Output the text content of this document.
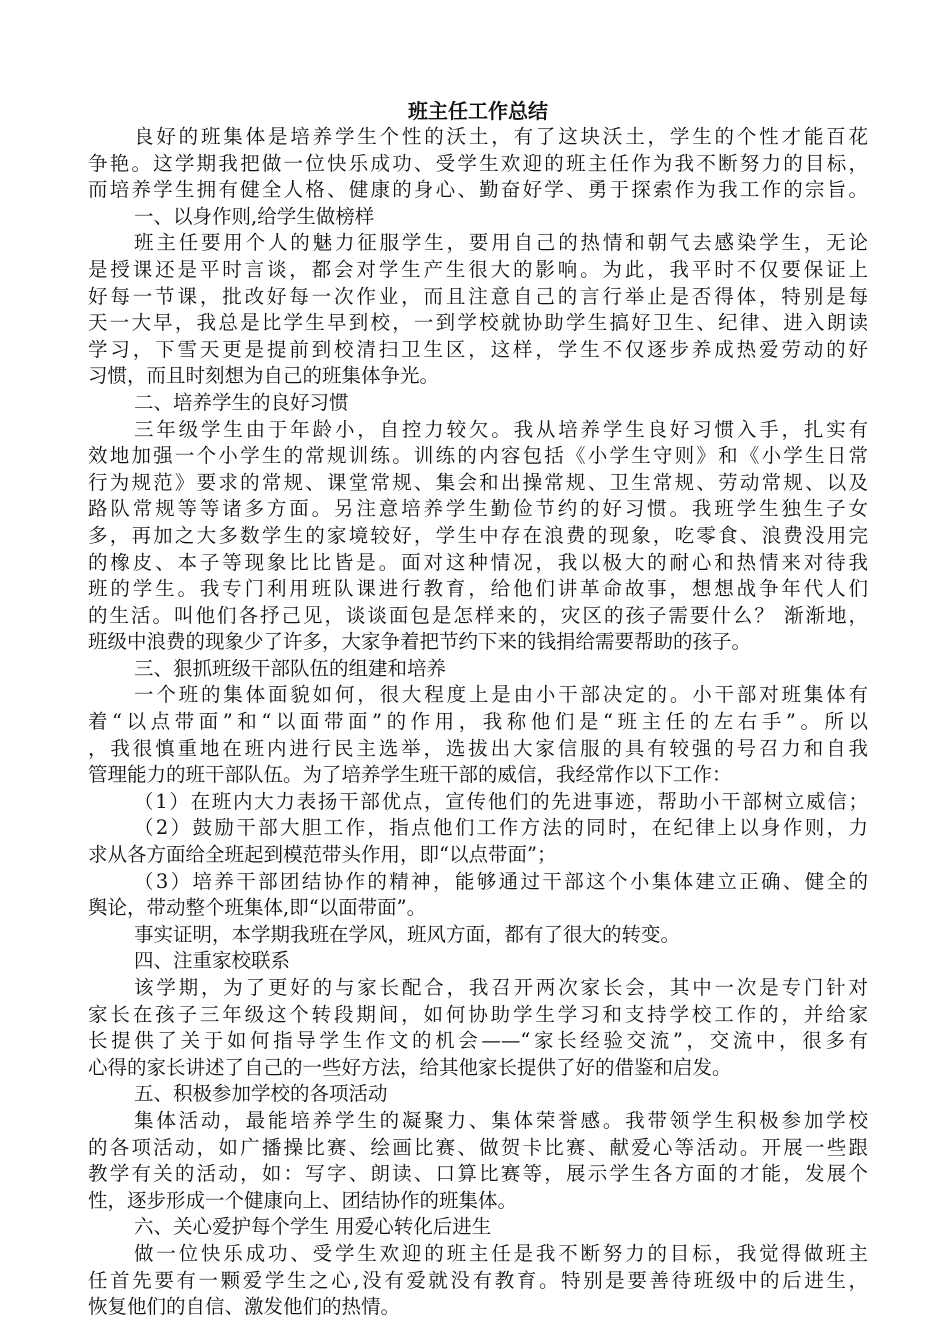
班主任工作总结
良好的班集体是培养学生个性的沃土，有了这块沃土，学生的个性才能百花
争艳。这学期我把做一位快乐成功、受学生欢迎的班主任作为我不断努力的目标，
而培养学生拥有健全人格、健康的身心、勤奋好学、勇于探索作为我工作的宗旨。
一、以身作则,给学生做榜样
班主任要用个人的魅力征服学生，要用自己的热情和朝气去感染学生，无论
是授课还是平时言谈，都会对学生产生很大的影响。为此，我平时不仅要保证上
好每一节课，批改好每一次作业，而且注意自己的言行举止是否得体，特别是每
天一大早，我总是比学生早到校，一到学校就协助学生搞好卫生、纪律、进入朗读
学习，下雪天更是提前到校清扫卫生区，这样，学生不仅逐步养成热爱劳动的好
习惯，而且时刻想为自己的班集体争光。
二、培养学生的良好习惯
三年级学生由于年龄小，自控力较欠。我从培养学生良好习惯入手，扎实有
效地加强一个小学生的常规训练。训练的内容包括《小学生守则》和《小学生日常
行为规范》要求的常规、课堂常规、集会和出操常规、卫生常规、劳动常规、以及
路队常规等等诸多方面。另注意培养学生勤俭节约的好习惯。我班学生独生子女
多，再加之大多数学生的家境较好，学生中存在浪费的现象，吃零食、浪费没用完
的橡皮、本子等现象比比皆是。面对这种情况，我以极大的耐心和热情来对待我
班的学生。我专门利用班队课进行教育，给他们讲革命故事，想想战争年代人们
的生活。叫他们各抒己见，谈谈面包是怎样来的，灾区的孩子需要什么？ 渐渐地，
班级中浪费的现象少了许多，大家争着把节约下来的钱捐给需要帮助的孩子。
三、狠抓班级干部队伍的组建和培养
一个班的集体面貌如何，很大程度上是由小干部决定的。小干部对班集体有
着“以点带面”和“以面带面”的作用，我称他们是“班主任的左右手”。所以
，我很慎重地在班内进行民主选举，选拔出大家信服的具有较强的号召力和自我
管理能力的班干部队伍。为了培养学生班干部的威信，我经常作以下工作：
（1）在班内大力表扬干部优点，宣传他们的先进事迹，帮助小干部树立威信；
（2）鼓励干部大胆工作，指点他们工作方法的同时，在纪律上以身作则，力
求从各方面给全班起到模范带头作用，即“以点带面”；
（3）培养干部团结协作的精神，能够通过干部这个小集体建立正确、健全的
舆论，带动整个班集体,即“以面带面”。
事实证明，本学期我班在学风，班风方面，都有了很大的转变。
四、注重家校联系
该学期，为了更好的与家长配合，我召开两次家长会，其中一次是专门针对
家长在孩子三年级这个转段期间，如何协助学生学习和支持学校工作的，并给家
长提供了关于如何指导学生作文的机会——“家长经验交流”，交流中，很多有
心得的家长讲述了自己的一些好方法，给其他家长提供了好的借鉴和启发。
五、积极参加学校的各项活动
集体活动，最能培养学生的凝聚力、集体荣誉感。我带领学生积极参加学校
的各项活动，如广播操比赛、绘画比赛、做贺卡比赛、献爱心等活动。开展一些跟
教学有关的活动，如：写字、朗读、口算比赛等，展示学生各方面的才能，发展个
性，逐步形成一个健康向上、团结协作的班集体。
六、关心爱护每个学生 用爱心转化后进生
做一位快乐成功、受学生欢迎的班主任是我不断努力的目标，我觉得做班主
任首先要有一颗爱学生之心,没有爱就没有教育。特别是要善待班级中的后进生，
恢复他们的自信、激发他们的热情。
